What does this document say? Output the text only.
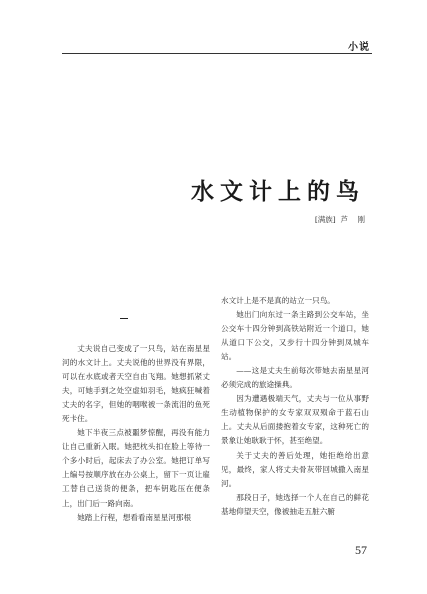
小说
水文计上的鸟
[满族]  芦    刚

丈夫说自己变成了一只鸟，站在南星星河的水文计上。丈夫说他的世界没有界限，可以在水底或者天空自由飞翔。她想抓紧丈夫，可她手到之处空虚如羽毛，她疯狂喊着丈夫的名字，但她的咽喉被一条流泪的鱼死死卡住。

她下半夜三点被噩梦惊醒，再没有能力让自己重新入眠。她把枕头扣在脸上等待一个多小时后，起床去了办公室。她把订单写上编号按顺序放在办公桌上，留下一页让雇工替自己送货的便条，把车钥匙压在便条上，出门后一路向南。

她踏上行程，想看看南星星河那根

水文计上是不是真的站立一只鸟。

她出门向东过一条主路到公交车站，坐公交车十四分钟到高铁站附近一个道口，她从道口下公交，又步行十四分钟到凤城车站。

——这是丈夫生前每次带她去南星星河必须完成的旅途操典。

因为遭遇极端天气，丈夫与一位从事野生动植物保护的女专家双双殒命于蓝石山上。丈夫从后面搂抱着女专家，这种死亡的景象让她耿耿于怀，甚至绝望。

关于丈夫的善后处理，她拒绝给出意见，最终，家人将丈夫骨灰带回城撒入南星河。

那段日子，她选择一个人在自己的鲜花基地仰望天空，像被抽走五脏六腑

57
